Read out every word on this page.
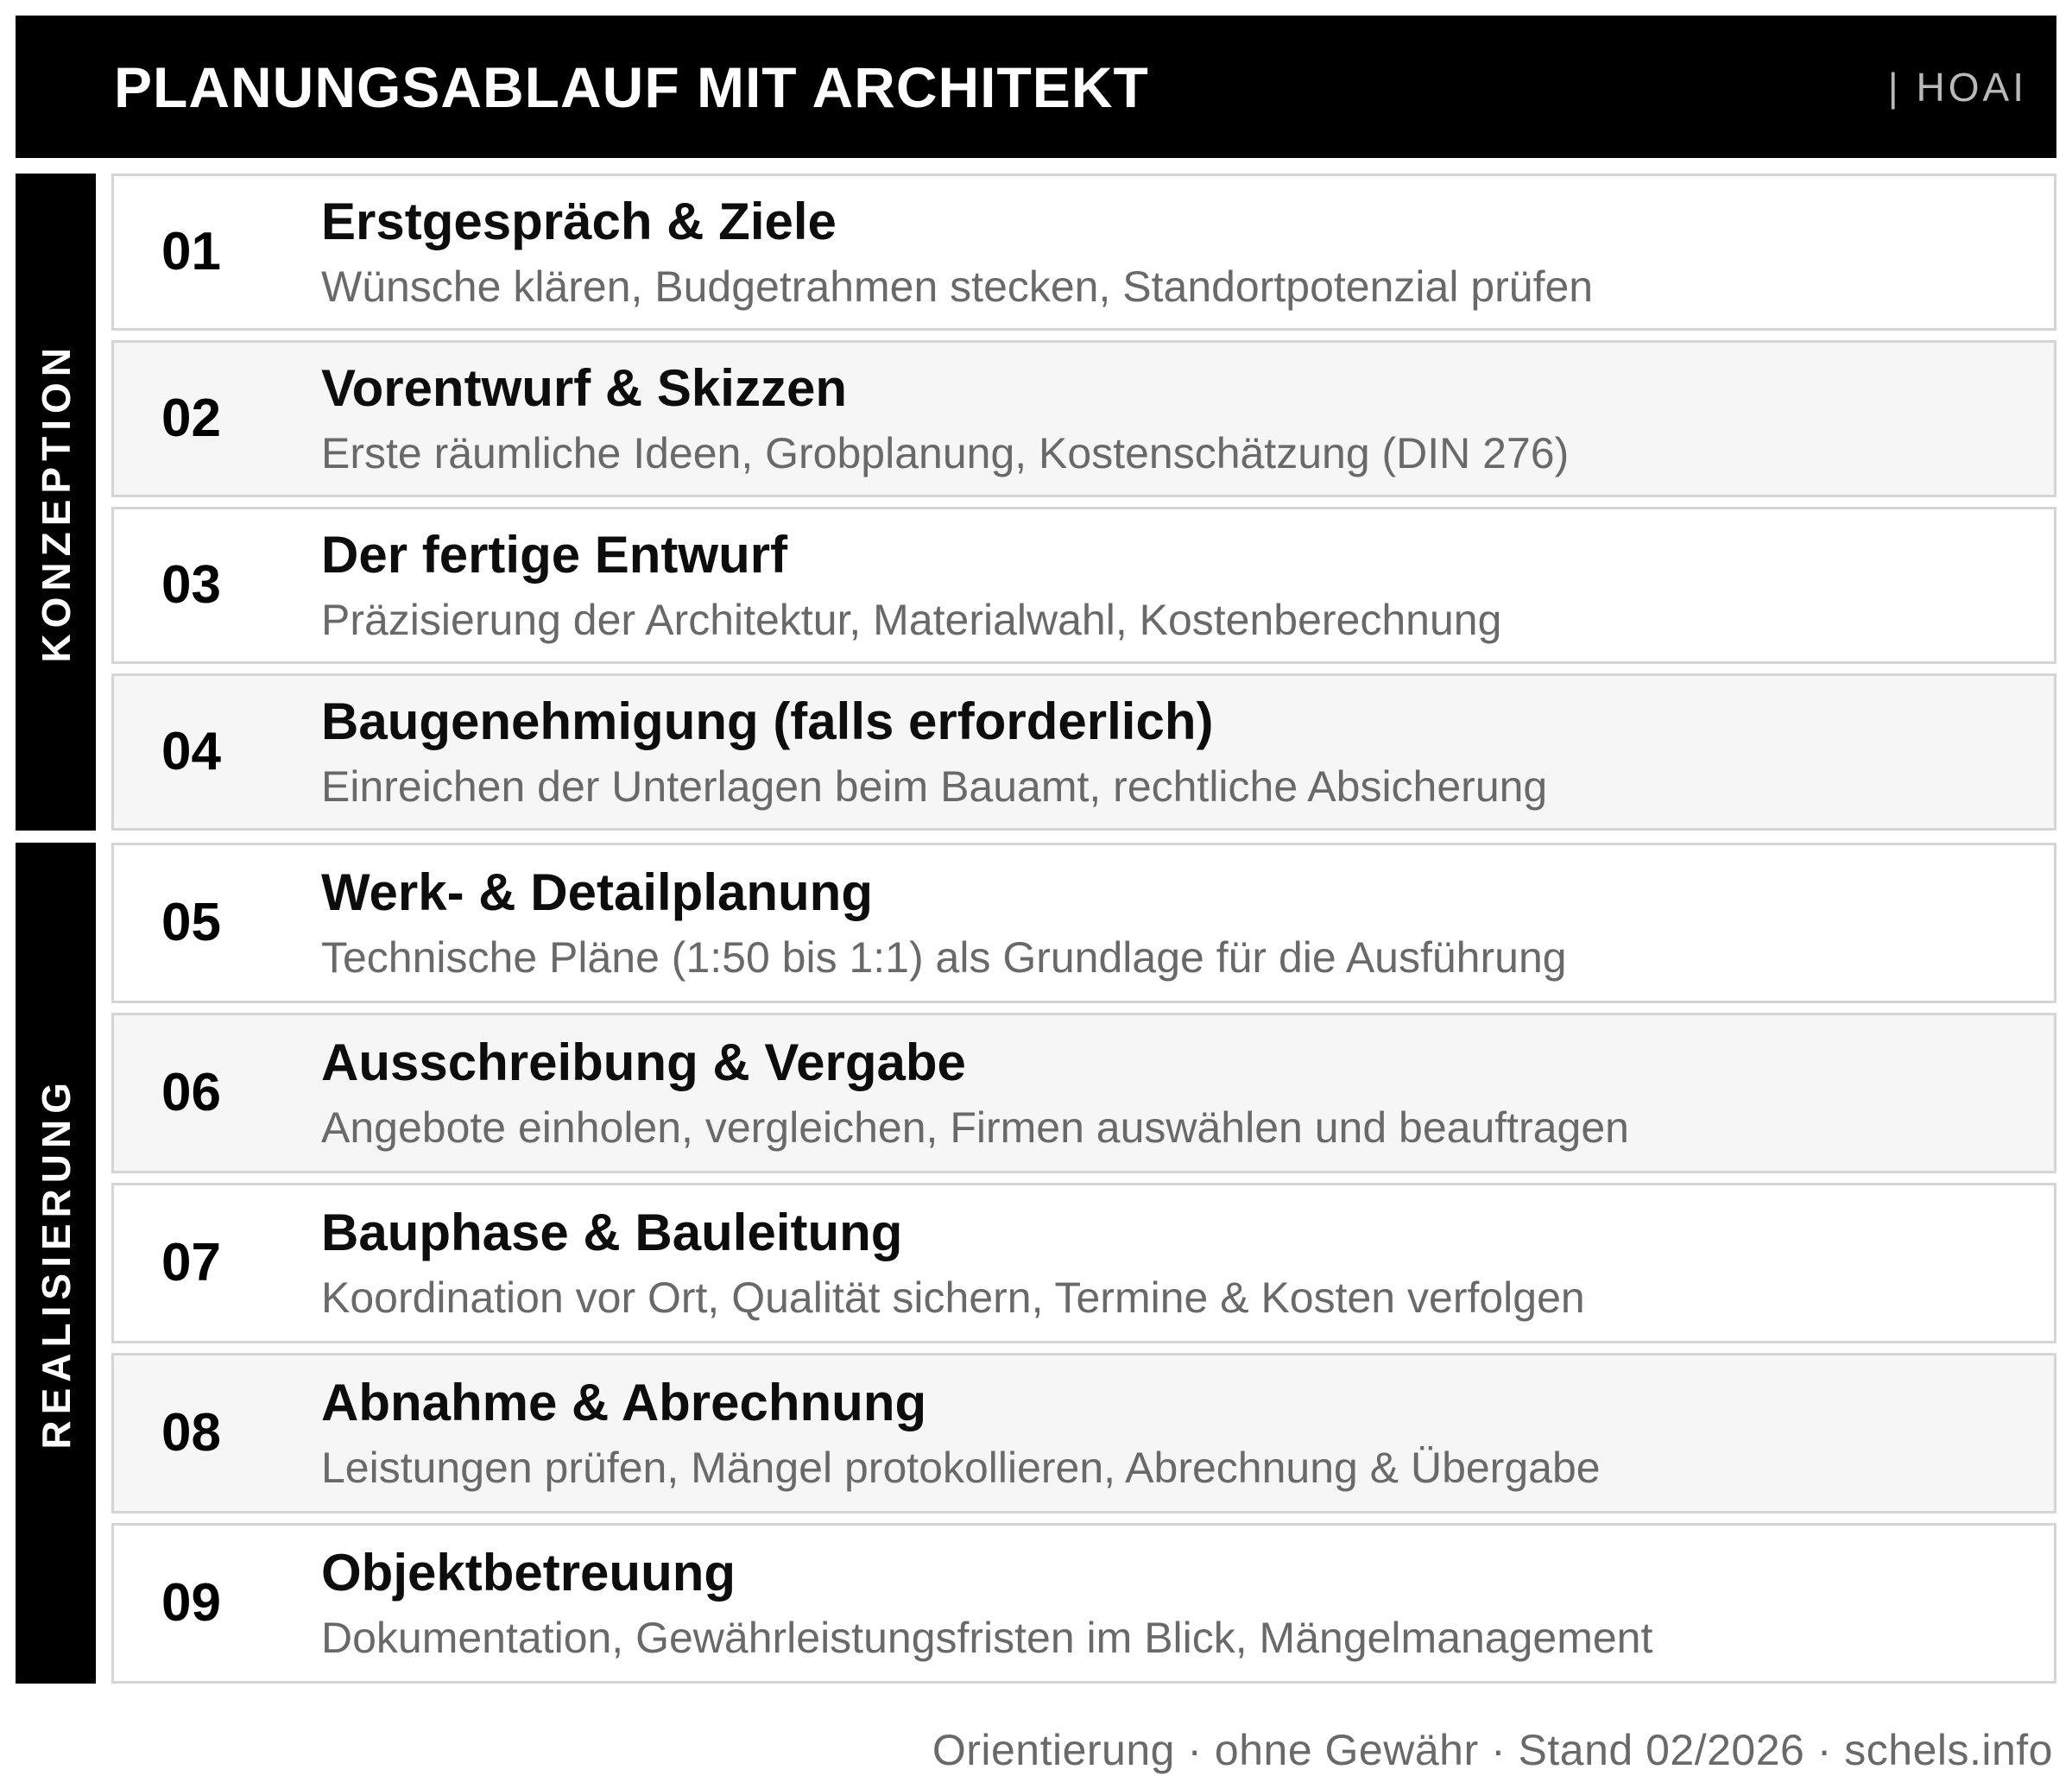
PLANUNGSABLAUF MIT ARCHITEKT	| HOAI
KONZEPTION
01
Erstgespräch & Ziele
Wünsche klären, Budgetrahmen stecken, Standortpotenzial prüfen
02
Vorentwurf & Skizzen
Erste räumliche Ideen, Grobplanung, Kostenschätzung (DIN 276)
03
Der fertige Entwurf
Präzisierung der Architektur, Materialwahl, Kostenberechnung
04
Baugenehmigung (falls erforderlich)
Einreichen der Unterlagen beim Bauamt, rechtliche Absicherung
REALISIERUNG
05
Werk- & Detailplanung
Technische Pläne (1:50 bis 1:1) als Grundlage für die Ausführung
06
Ausschreibung & Vergabe
Angebote einholen, vergleichen, Firmen auswählen und beauftragen
07
Bauphase & Bauleitung
Koordination vor Ort, Qualität sichern, Termine & Kosten verfolgen
08
Abnahme & Abrechnung
Leistungen prüfen, Mängel protokollieren, Abrechnung & Übergabe
09
Objektbetreuung
Dokumentation, Gewährleistungsfristen im Blick, Mängelmanagement
Orientierung · ohne Gewähr · Stand 02/2026 · schels.info
